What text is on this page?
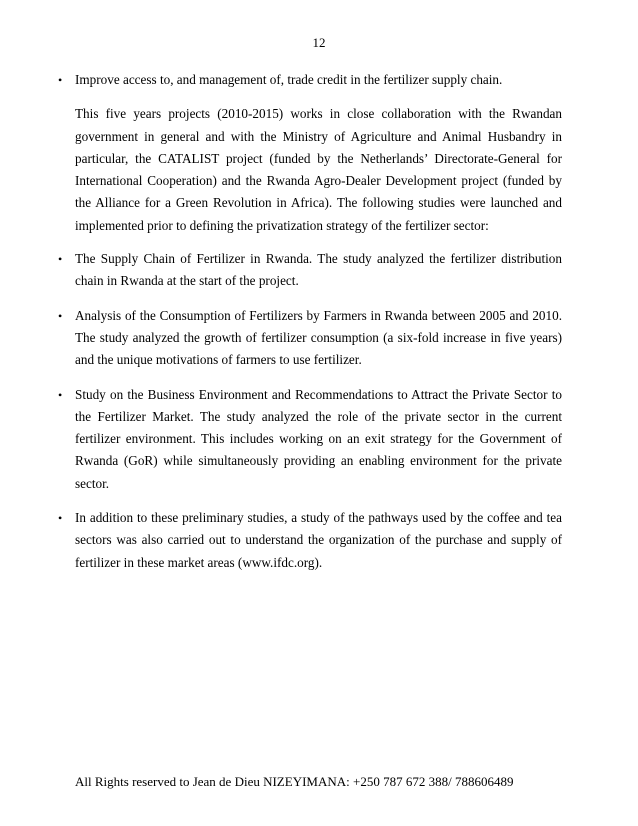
12
• Improve access to, and management of, trade credit in the fertilizer supply chain.

This five years projects (2010-2015) works in close collaboration with the Rwandan government in general and with the Ministry of Agriculture and Animal Husbandry in particular, the CATALIST project (funded by the Netherlands’ Directorate-General for International Cooperation) and the Rwanda Agro-Dealer Development project (funded by the Alliance for a Green Revolution in Africa). The following studies were launched and implemented prior to defining the privatization strategy of the fertilizer sector:

• The Supply Chain of Fertilizer in Rwanda. The study analyzed the fertilizer distribution chain in Rwanda at the start of the project.
• Analysis of the Consumption of Fertilizers by Farmers in Rwanda between 2005 and 2010. The study analyzed the growth of fertilizer consumption (a six-fold increase in five years) and the unique motivations of farmers to use fertilizer.
• Study on the Business Environment and Recommendations to Attract the Private Sector to the Fertilizer Market. The study analyzed the role of the private sector in the current fertilizer environment. This includes working on an exit strategy for the Government of Rwanda (GoR) while simultaneously providing an enabling environment for the private sector.
• In addition to these preliminary studies, a study of the pathways used by the coffee and tea sectors was also carried out to understand the organization of the purchase and supply of fertilizer in these market areas (www.ifdc.org).
All Rights reserved to Jean de Dieu NIZEYIMANA: +250 787 672 388/ 788606489
